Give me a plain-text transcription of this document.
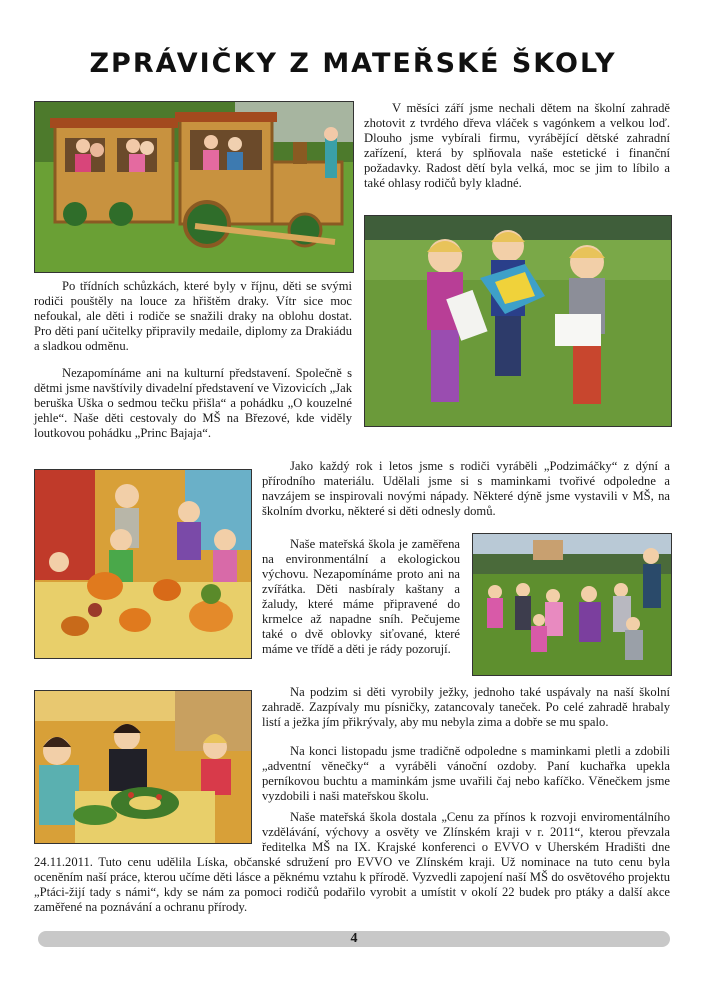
ZPRÁVIČKY Z MATEŘSKÉ ŠKOLY

V měsíci září jsme nechali dětem na školní zahradě zhotovit z tvrdého dřeva vláček s vagónkem a velkou loď. Dlouho jsme vybírali firmu, vyrábějící dětské zahradní zařízení, která by splňovala naše estetické i finanční požadavky. Radost dětí byla velká, moc se jim to líbilo a také ohlasy rodičů byly kladné.

Po třídních schůzkách, které byly v říjnu, děti se svými rodiči pouštěly na louce za hřištěm draky. Vítr sice moc nefoukal, ale děti i rodiče se snažili draky na oblohu dostat. Pro děti paní učitelky připravily medaile, diplomy za Drakiádu a sladkou odměnu.

Nezapomínáme ani na kulturní představení. Společně s dětmi jsme navštívily divadelní představení ve Vizovicích „Jak beruška Uška o sedmou tečku přišla“ a pohádku „O kouzelné jehle“. Naše děti cestovaly do MŠ na Březové, kde viděly loutkovou pohádku „Princ Bajaja“.

Jako každý rok i letos jsme s rodiči vyráběli „Podzimáčky“ z dýní a přírodního materiálu. Udělali jsme si s maminkami tvořivé odpoledne a navzájem se inspirovali novými nápady. Některé dýně jsme vystavili v MŠ, na školním dvorku, některé si děti odnesly domů.

Naše mateřská škola je zaměřena na environmentální a ekologickou výchovu. Nezapomínáme proto ani na zvířátka. Děti nasbíraly kaštany a žaludy, které máme připravené do krmelce až napadne sníh. Pečujeme také o dvě oblovky siťované, které máme ve třídě a děti je rády pozorují.

Na podzim si děti vyrobily ježky, jednoho také uspávaly na naší školní zahradě. Zazpívaly mu písničky, zatancovaly taneček. Po celé zahradě hrabaly listí a ježka jím přikrývaly, aby mu nebyla zima a dobře se mu spalo.

Na konci listopadu jsme tradičně odpoledne s maminkami pletli a zdobili „adventní věnečky“ a vyráběli vánoční ozdoby. Paní kuchařka upekla perníkovou buchtu a maminkám jsme uvařili čaj nebo kafíčko. Věnečkem jsme vyzdobili i naši mateřskou školu.

Naše mateřská škola dostala „Cenu za přínos k rozvoji enviromentálního vzdělávání, výchovy a osvěty ve Zlínském kraji v r. 2011“, kterou převzala ředitelka MŠ na IX. Krajské konferenci o EVVO v Uherském Hradišti dne 24.11.2011. Tuto cenu udělila Líska, občanské sdružení pro EVVO ve Zlínském kraji. Už nominace na tuto cenu byla oceněním naší práce, kterou učíme děti lásce a pěknému vztahu k přírodě. Vyzvedli zapojení naší MŠ do osvětového projektu „Ptáci-žijí tady s námi“, kdy se nám za pomoci rodičů podařilo vyrobit a umístit v okolí 22 budek pro ptáky a další akce zaměřené na poznávání a ochranu přírody.

4
